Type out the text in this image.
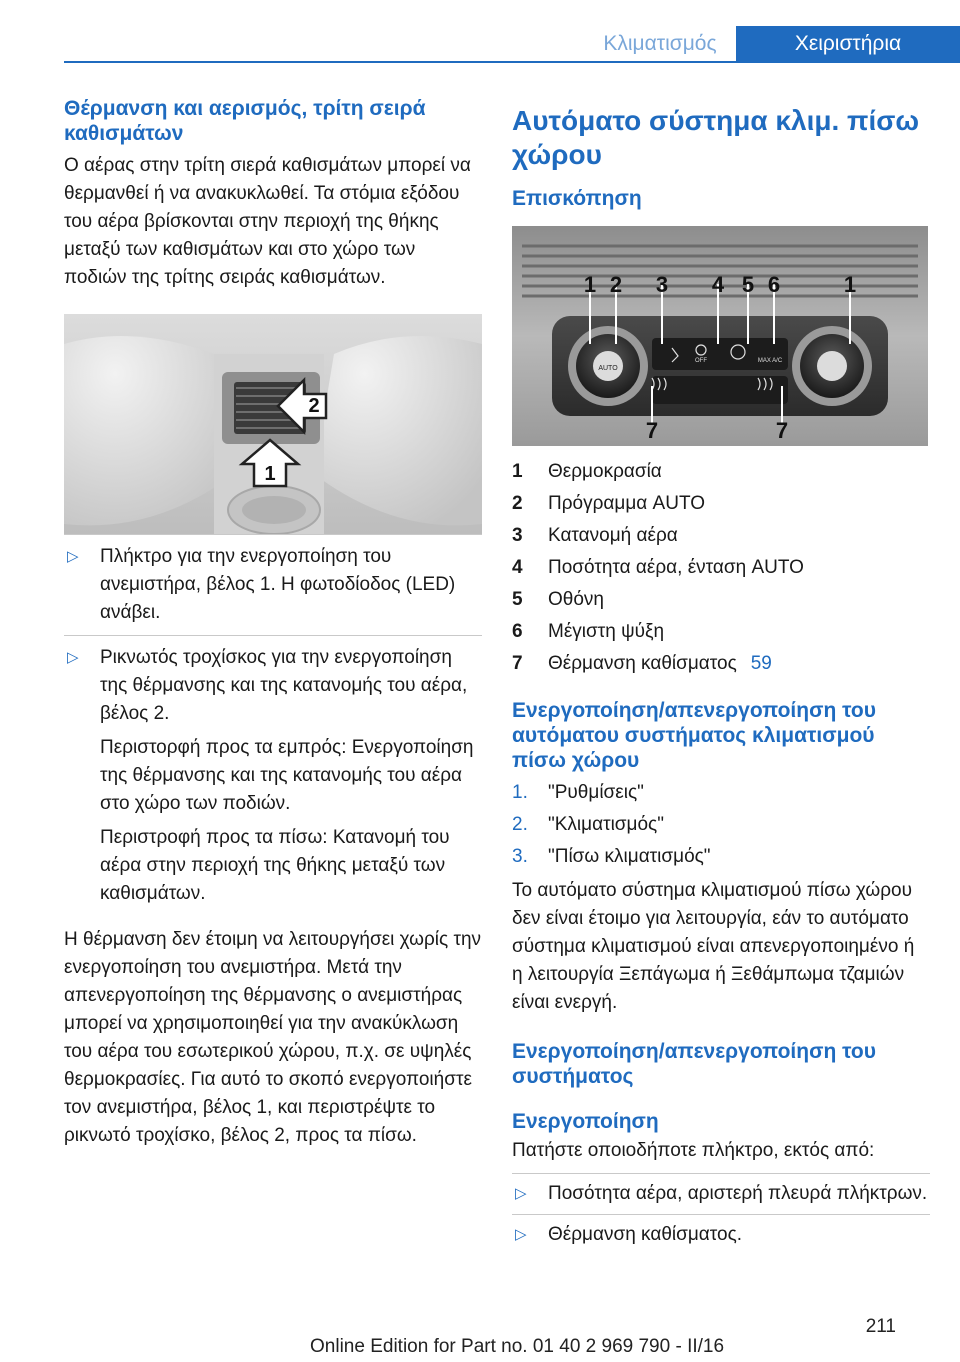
Κλιματισμός	Χειριστήρια
Θέρμανση και αερισμός, τρίτη σειρά καθισμάτων

Ο αέρας στην τρίτη σιερά καθισμάτων μπορεί να θερμανθεί ή να ανακυκλωθεί. Τα στόμια εξόδου του αέρα βρίσκονται στην περιοχή της θήκης μεταξύ των καθισμάτων και στο χώρο των ποδιών της τρίτης σειράς καθισμάτων.

2
1
▷ Πλήκτρο για την ενεργοποίηση του ανεμιστήρα, βέλος 1. Η φωτοδίοδος (LED) ανάβει.
▷ Ρικνωτός τροχίσκος για την ενεργοποίηση της θέρμανσης και της κατανομής του αέρα, βέλος 2.
Περιστορφή προς τα εμπρός: Ενεργοποίηση της θέρμανσης και της κατανομής του αέρα στο χώρο των ποδιών.
Περιστροφή προς τα πίσω: Κατανομή του αέρα στην περιοχή της θήκης μεταξύ των καθισμάτων.

Η θέρμανση δεν έτοιμη να λειτουργήσει χωρίς την ενεργοποίηση του ανεμιστήρα. Μετά την απενεργοποίηση της θέρμανσης ο ανεμιστήρας μπορεί να χρησιμοποιηθεί για την ανακύκλωση του αέρα του εσωτερικού χώρου, π.χ. σε υψηλές θερμοκρασίες. Για αυτό το σκοπό ενεργοποιήστε τον ανεμιστήρα, βέλος 1, και περιστρέψτε το ρικνωτό τροχίσκο, βέλος 2, προς τα πίσω.

Αυτόματο σύστημα κλιμ. πίσω χώρου
Επισκόπηση
AUTO
OFF	MAX A/C
1 2 3 4 5 6	1
7	7
1	Θερμοκρασία
2	Πρόγραμμα AUTO
3	Κατανομή αέρα
4	Ποσότητα αέρα, ένταση AUTO
5	Οθόνη
6	Μέγιστη ψύξη
7	Θέρμανση καθίσματος 59
Ενεργοποίηση/απενεργοποίηση του αυτόματου συστήματος κλιματισμού πίσω χώρου
1.	"Ρυθμίσεις"
2.	"Κλιματισμός"
3.	"Πίσω κλιματισμός"

Το αυτόματο σύστημα κλιματισμού πίσω χώρου δεν είναι έτοιμο για λειτουργία, εάν το αυτόματο σύστημα κλιματισμού είναι απενεργοποιημένο ή η λειτουργία Ξεπάγωμα ή Ξεθάμπωμα τζαμιών είναι ενεργή.

Ενεργοποίηση/απενεργοποίηση του συστήματος
Ενεργοποίηση

Πατήστε οποιοδήποτε πλήκτρο, εκτός από:

▷ Ποσότητα αέρα, αριστερή πλευρά πλήκτρων.
▷ Θέρμανση καθίσματος.
211
Online Edition for Part no. 01 40 2 969 790 - II/16
